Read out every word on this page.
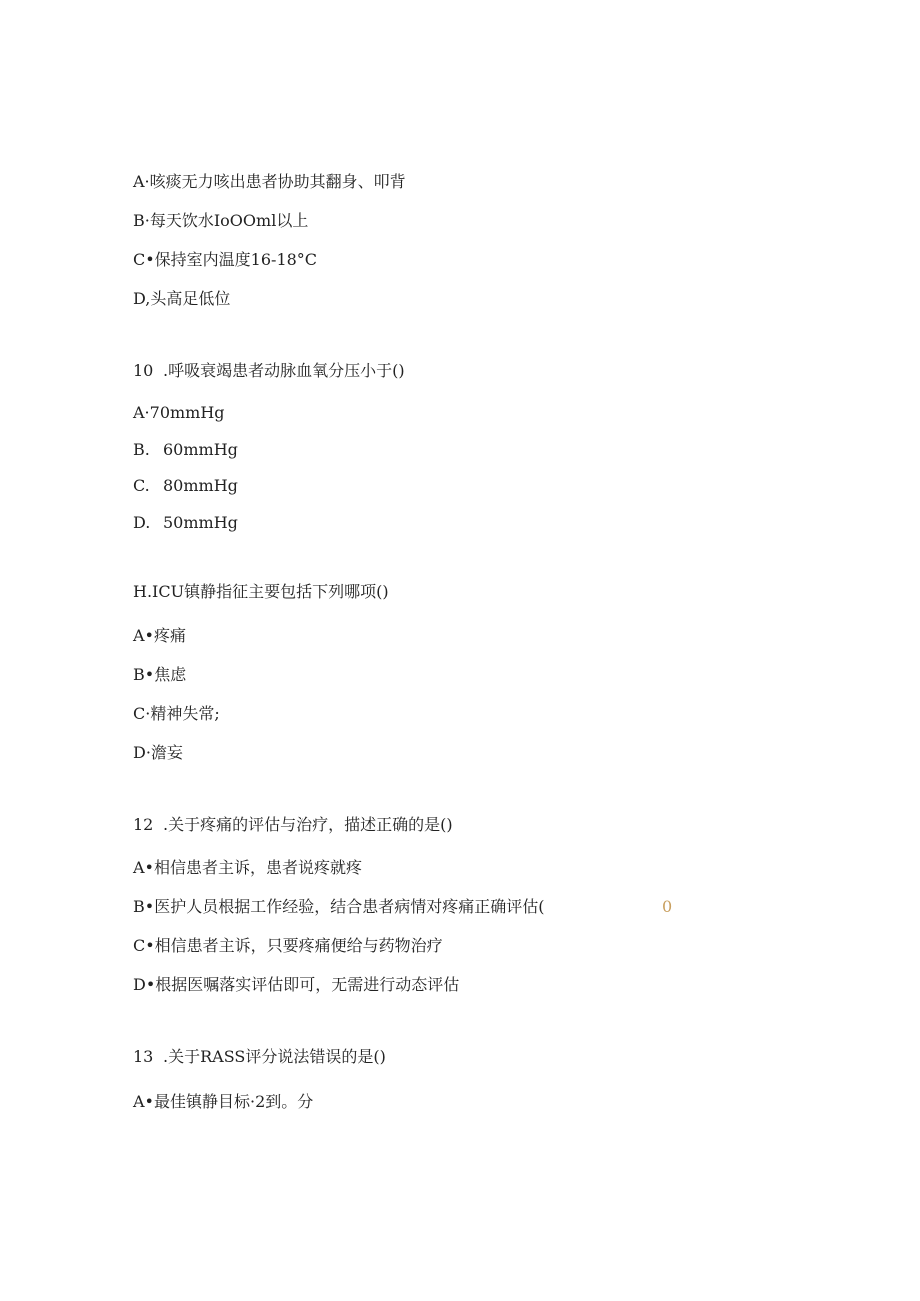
A·咳痰无力咳出患者协助其翻身、叩背
B·每天饮水IoOOml以上
C•保持室内温度16-18°C
D,头高足低位
10 .呼吸衰竭患者动脉血氧分压小于()
A·70mmHg
B. 60mmHg
C. 80mmHg
D. 50mmHg
H.ICU镇静指征主要包括下列哪项()
A•疼痛
B•焦虑
C·精神失常;
D·澹妄
12 .关于疼痛的评估与治疗，描述正确的是()
A•相信患者主诉，患者说疼就疼
B•医护人员根据工作经验，结合患者病情对疼痛正确评估(	0
C•相信患者主诉，只要疼痛便给与药物治疗
D•根据医嘱落实评估即可，无需进行动态评估
13 .关于RASS评分说法错误的是()
A•最佳镇静目标·2到。分
